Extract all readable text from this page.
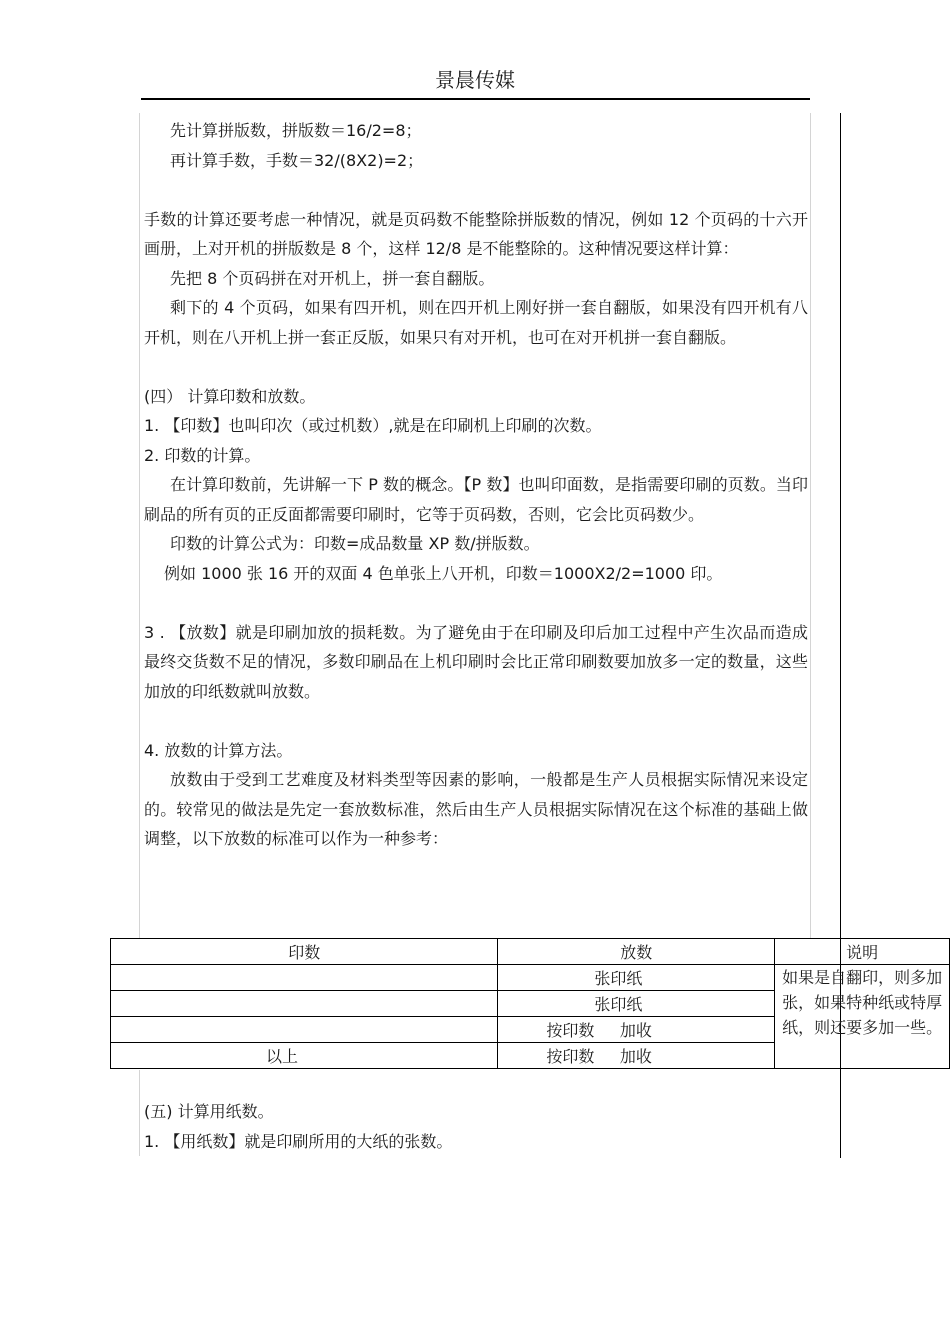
景晨传媒

先计算拼版数，拼版数＝16/2=8；

再计算手数，手数＝32/(8X2)=2；

手数的计算还要考虑一种情况，就是页码数不能整除拼版数的情况，例如 12 个页码的十六开画册，上对开机的拼版数是 8 个，这样 12/8 是不能整除的。这种情况要这样计算：

先把 8 个页码拼在对开机上，拼一套自翻版。

剩下的 4 个页码，如果有四开机，则在四开机上刚好拼一套自翻版，如果没有四开机有八开机，则在八开机上拼一套正反版，如果只有对开机，也可在对开机拼一套自翻版。

(四） 计算印数和放数。

1. 【印数】也叫印次（或过机数）,就是在印刷机上印刷的次数。

2. 印数的计算。

在计算印数前，先讲解一下 P 数的概念。【P 数】也叫印面数，是指需要印刷的页数。当印刷品的所有页的正反面都需要印刷时，它等于页码数，否则，它会比页码数少。

印数的计算公式为：印数=成品数量 XP 数/拼版数。

例如 1000 张 16 开的双面 4 色单张上八开机，印数＝1000X2/2=1000 印。

3 . 【放数】就是印刷加放的损耗数。为了避免由于在印刷及印后加工过程中产生次品而造成最终交货数不足的情况，多数印刷品在上机印刷时会比正常印刷数要加放多一定的数量，这些加放的印纸数就叫放数。

4. 放数的计算方法。

放数由于受到工艺难度及材料类型等因素的影响，一般都是生产人员根据实际情况来设定的。较常见的做法是先定一套放数标准，然后由生产人员根据实际情况在这个标准的基础上做调整，以下放数的标准可以作为一种参考：

印数	放数	说明
	张印纸	如果是自翻印，则多加张，如果特种纸或特厚纸，则还要多加一些。
	张印纸	
	按印数     加收	
以上	按印数     加收	

(五) 计算用纸数。

1. 【用纸数】就是印刷所用的大纸的张数。
